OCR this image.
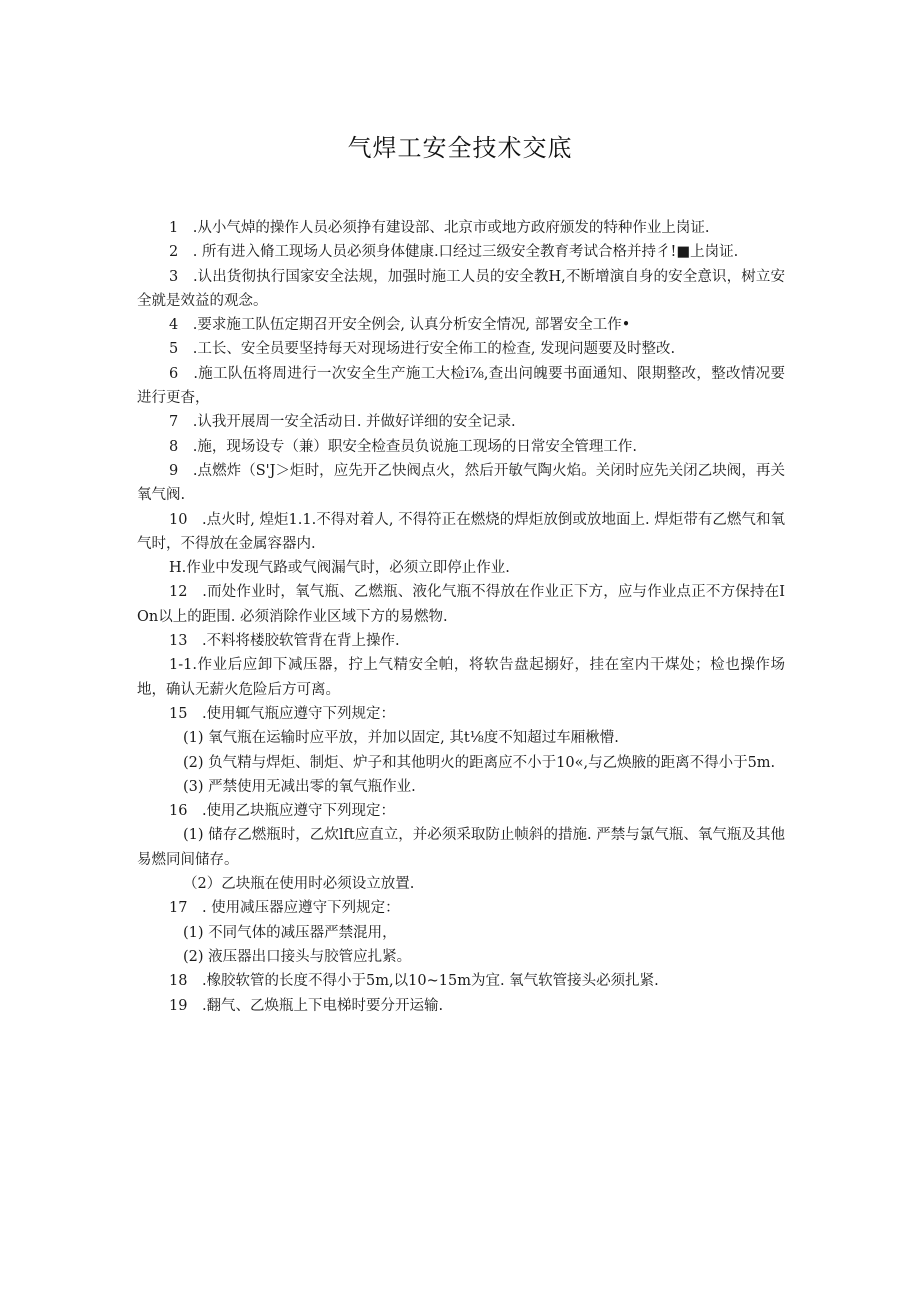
气焊工安全技术交底

1　.从小气焯的操作人员必须挣有建设部、北京市或地方政府颁发的特种作业上岗证.

2　. 所有进入脩工现场人员必须身体健康.口经过三级安全教育考试合格并持彳!■上岗证.

3　.认出货彻执行国家安全法规，加强时施工人员的安全教H,不断增演自身的安全意识，树立安全就是效益的观念。

4　.要求施工队伍定期召开安全例会, 认真分析安全情况, 部署安全工作•

5　.工长、安全员要坚持每天对现场进行安全佈工的检查, 发现问题要及时整改.

6　.施工队伍将周进行一次安全生产施工大检i⅞,查出问魄要书面通知、限期整改，整改情况要进行更杳，

7　.认我开展周一安全活动日. 并做好详细的安全记录.

8　.施，现场设专（兼）职安全检查员负说施工现场的日常安全管理工作.

9　.点燃炸（S'J＞炬时，应先开乙快阀点火，然后开敏气陶火焰。关闭时应先关闭乙块阀，再关氧气阀.

10　.点火时, 煌炬1.1.不得对着人, 不得符正在燃烧的焊炬放倒或放地面上. 焊炬带有乙燃气和氧气时，不得放在金属容器内.

H.作业中发现气路或气阀漏气时，必须立即停止作业.

12　.而处作业时，氧气瓶、乙燃瓶、液化气瓶不得放在作业正下方，应与作业点正不方保持在IOn以上的距围. 必须消除作业区域下方的易燃物.

13　.不料将楼胶软管背在背上操作.

1-1.作业后应卸下减压器，拧上气精安全帕，将软告盘起搦好，挂在室内干煤处；检也操作场地，确认无薪火危险后方可离。

15　.使用辄气瓶应遵守下列规定：

(1) 氧气瓶在运输时应平放，并加以固定, 其t⅛度不知超过车厢楸懵.

(2) 负气精与焊炬、制炬、炉子和其他明火的距离应不小于10«,与乙焕腋的距离不得小于5m.

(3) 严禁使用无减出零的氧气瓶作业.

16　.使用乙块瓶应遵守下列现定：

(1) 储存乙燃瓶时，乙炊lft应直立，并必须采取防止帧斜的措施. 严禁与氯气瓶、氧气瓶及其他易燃同间储存。

（2）乙块瓶在使用时必须设立放置.

17　. 使用减压器应遵守下列规定：

(1) 不同气体的减压器严禁混用，

(2) 液压器出口接头与胶管应扎紧。

18　.橡胶软管的长度不得小于5m,以10~15m为宜. 氧气软管接头必须扎紧.

19　.翻气、乙焕瓶上下电梯时要分开运输.
